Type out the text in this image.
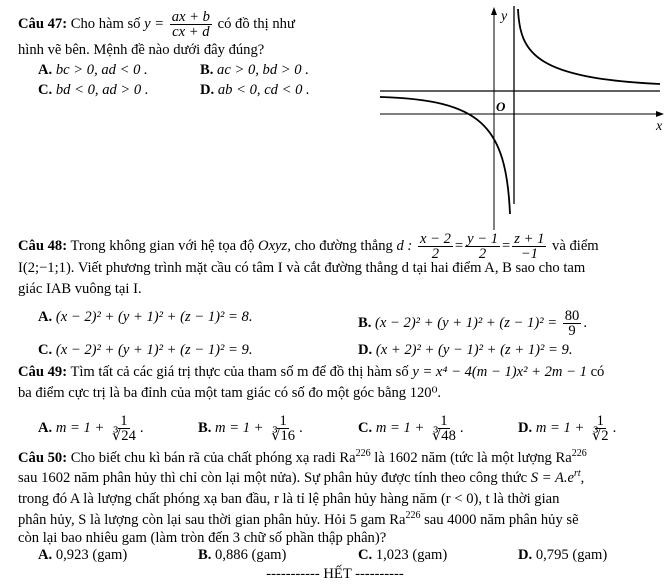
Câu 47: Cho hàm số $y = \frac{ax + b}{cx + d}$ có đồ thị như
hình vẽ bên. Mệnh đề nào dưới đây đúng?
A. bc > 0, ad < 0 .	B. ac > 0, bd > 0 .
C. bd < 0, ad > 0 .	D. ab < 0, cd < 0 .
y
x
O
Câu 48: Trong không gian với hệ tọa độ Oxyz, cho đường thẳng d : $\frac{x - 2}{2} = \frac{y - 1}{2} = \frac{z + 1}{-1}$ và điểm
I(2;−1;1). Viết phương trình mặt cầu có tâm I và cắt đường thẳng d tại hai điểm A, B sao cho tam
giác IAB vuông tại I.
A. (x − 2)² + (y + 1)² + (z − 1)² = 8.	B. $(x - 2)^2 + (y + 1)^2 + (z - 1)^2 = \frac{80}{9}$ .
C. (x − 2)² + (y + 1)² + (z − 1)² = 9.	D. (x + 2)² + (y − 1)² + (z + 1)² = 9.
Câu 49: Tìm tất cả các giá trị thực của tham số m để đồ thị hàm số y = x⁴ − 4(m − 1)x² + 2m − 1 có
ba điểm cực trị là ba đỉnh của một tam giác có số đo một góc bằng 120⁰.
A. $m = 1 + \frac{1}{∛24}$ .	B. $m = 1 + \frac{1}{∛16}$ .	C. $m = 1 + \frac{1}{∛48}$ .	D. $m = 1 + \frac{1}{∛2}$ .
Câu 50: Cho biết chu kì bán rã của chất phóng xạ radi Ra$^{226}$ là 1602 năm (tức là một lượng Ra$^{226}$
sau 1602 năm phân hủy thì chỉ còn lại một nửa). Sự phân hủy được tính theo công thức $S = A.e^{rt}$,
trong đó A là lượng chất phóng xạ ban đầu, r là tỉ lệ phân hủy hàng năm (r < 0), t là thời gian
phân hủy, S là lượng còn lại sau thời gian phân hủy. Hỏi 5 gam Ra$^{226}$ sau 4000 năm phân hủy sẽ
còn lại bao nhiêu gam (làm tròn đến 3 chữ số phần thập phân)?
A. 0,923 (gam)	B. 0,886 (gam)	C. 1,023 (gam)	D. 0,795 (gam)
----------- HẾT ----------
